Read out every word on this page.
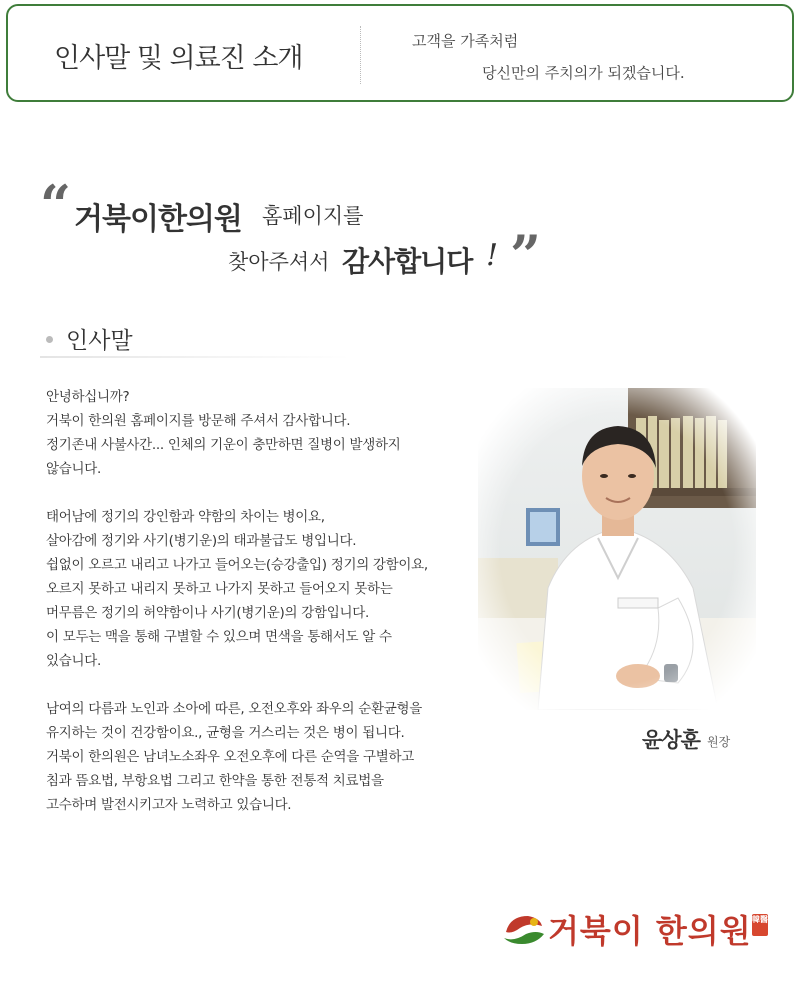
인사말 및 의료진 소개
고객을 가족처럼
당신만의 주치의가 되겠습니다.
“ 거북이한의원 홈페이지를
찾아주셔서 감사합니다 ! ”
인사말

안녕하십니까?
거북이 한의원 홈페이지를 방문해 주셔서 감사합니다.
정기존내 사불사간... 인체의 기운이 충만하면 질병이 발생하지
않습니다.

태어남에 정기의 강인함과 약함의 차이는 병이요,
살아감에 정기와 사기(병기운)의 태과불급도 병입니다.
쉽없이 오르고 내리고 나가고 들어오는(승강출입) 정기의 강함이요,
오르지 못하고 내리지 못하고 나가지 못하고 들어오지 못하는
머무름은 정기의 허약함이나 사기(병기운)의 강함입니다.
이 모두는 맥을 통해 구별할 수 있으며 면색을 통해서도 알 수
있습니다.

남여의 다름과 노인과 소아에 따른, 오전오후와 좌우의 순환균형을
유지하는 것이 건강함이요., 균형을 거스리는 것은 병이 됩니다.
거북이 한의원은 남녀노소좌우 오전오후에 다른 순역을 구별하고
침과 뜸요법, 부항요법 그리고 한약을 통한 전통적 치료법을
고수하며 발전시키고자 노력하고 있습니다.

윤상훈 원장
거북이 한의원 韓醫
